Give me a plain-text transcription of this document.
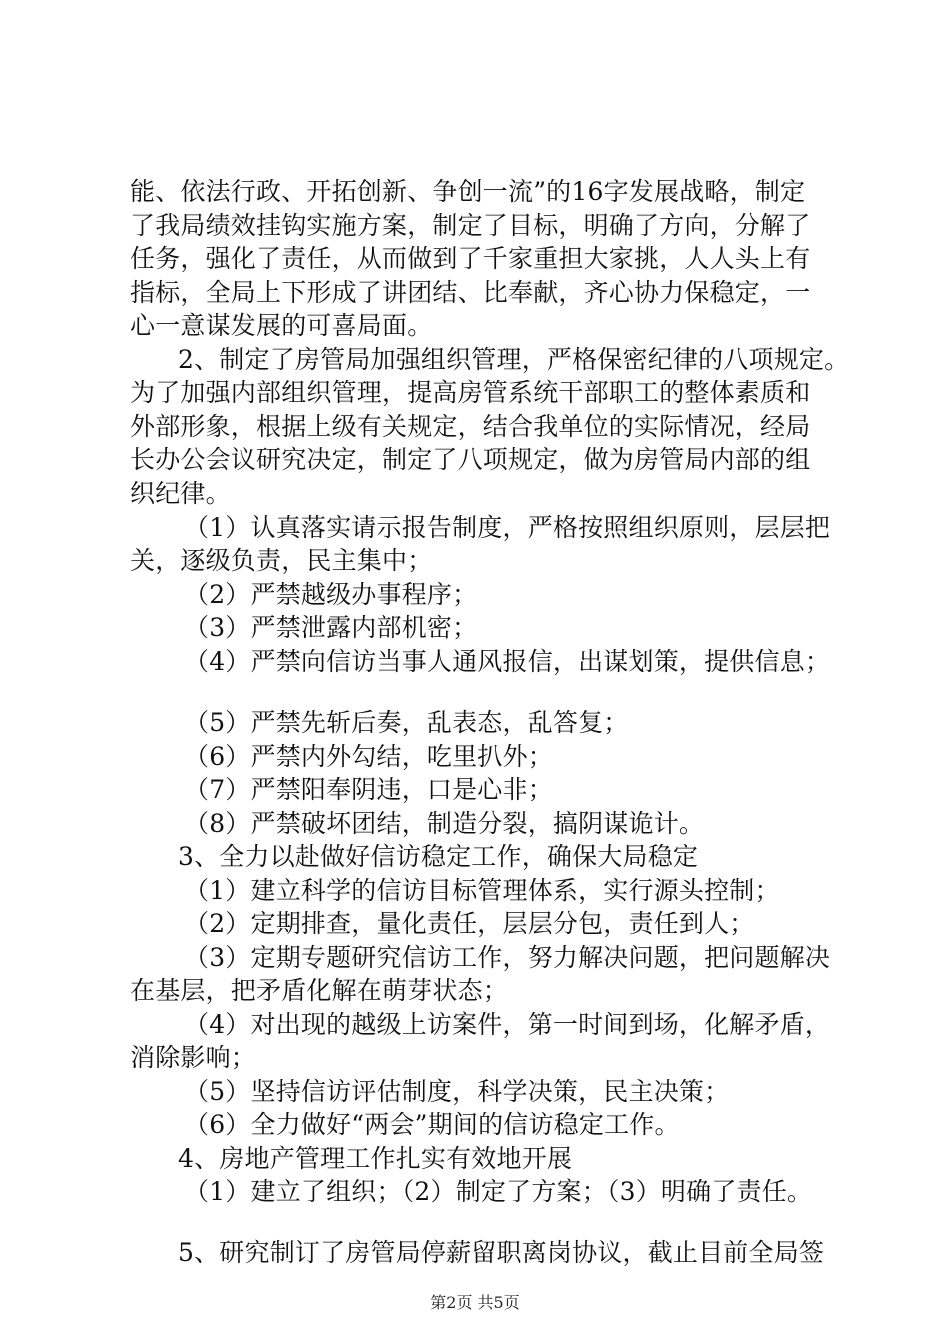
能、依法行政、开拓创新、争创一流”的16字发展战略，制定
了我局绩效挂钩实施方案，制定了目标，明确了方向，分解了
任务，强化了责任，从而做到了千家重担大家挑，人人头上有
指标，全局上下形成了讲团结、比奉献，齐心协力保稳定，一
心一意谋发展的可喜局面。
2、制定了房管局加强组织管理，严格保密纪律的八项规定。
为了加强内部组织管理，提高房管系统干部职工的整体素质和
外部形象，根据上级有关规定，结合我单位的实际情况，经局
长办公会议研究决定，制定了八项规定，做为房管局内部的组
织纪律。
（1）认真落实请示报告制度，严格按照组织原则，层层把
关，逐级负责，民主集中；
（2）严禁越级办事程序；
（3）严禁泄露内部机密；
（4）严禁向信访当事人通风报信，出谋划策，提供信息；
（5）严禁先斩后奏，乱表态，乱答复；
（6）严禁内外勾结，吃里扒外；
（7）严禁阳奉阴违，口是心非；
（8）严禁破坏团结，制造分裂，搞阴谋诡计。
3、全力以赴做好信访稳定工作，确保大局稳定
（1）建立科学的信访目标管理体系，实行源头控制；
（2）定期排查，量化责任，层层分包，责任到人；
（3）定期专题研究信访工作，努力解决问题，把问题解决
在基层，把矛盾化解在萌芽状态；
（4）对出现的越级上访案件，第一时间到场，化解矛盾，
消除影响；
（5）坚持信访评估制度，科学决策，民主决策；
（6）全力做好“两会”期间的信访稳定工作。
4、房地产管理工作扎实有效地开展
（1）建立了组织；（2）制定了方案；（3）明确了责任。
5、研究制订了房管局停薪留职离岗协议，截止目前全局签
第2页 共5页
